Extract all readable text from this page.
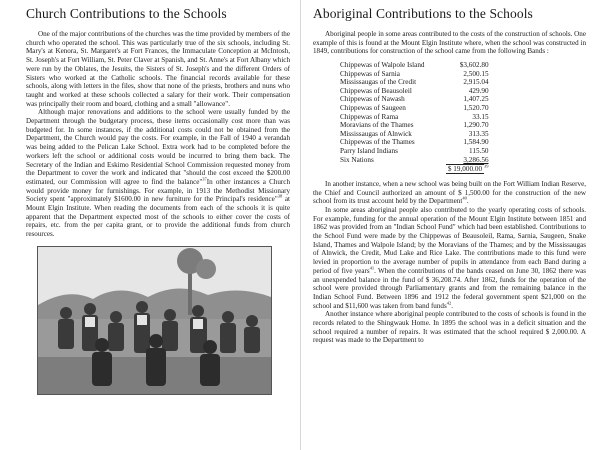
Church Contributions to the Schools

One of the major contributions of the churches was the time provided by members of the church who operated the school. This was particularly true of the six schools, including St. Mary's at Kenora, St. Margaret's at Fort Frances, the Immaculate Conception at McIntosh, St. Joseph's at Fort William, St. Peter Claver at Spanish, and St. Anne's at Fort Albany which were run by the Oblates, the Jesuits, the Sisters of St. Joseph's and the different Orders of Sisters who worked at the Catholic schools. The financial records available for these schools, along with letters in the files, show that none of the priests, brothers and nuns who taught and worked at these schools collected a salary for their work. Their compensation was principally their room and board, clothing and a small "allowance".

Although major renovations and additions to the school were usually funded by the Department through the budgetary process, these items occasionally cost more than was budgeted for. In some instances, if the additional costs could not be obtained from the Department, the Church would pay the costs. For example, in the Fall of 1940 a verandah was being added to the Pelican Lake School. Extra work had to be completed before the workers left the school or additional costs would be incurred to bring them back. The Secretary of the Indian and Eskimo Residential School Commission requested money from the Department to cover the work and indicated that "should the cost exceed the $200.00 estimated, our Commission will agree to find the balance"$^{37}$In other instances a Church would provide money for furnishings. For example, in 1913 the Methodist Missionary Society spent "approximately $1600.00 in new furniture for the Principal's residence"$^{38}$ at Mount Elgin Institute. When reading the documents from each of the schools it is quite apparent that the Department expected most of the schools to either cover the costs of repairs, etc. from the per capita grant, or to provide the additional funds from church resources.

Aboriginal Contributions to the Schools

Aboriginal people in some areas contributed to the costs of the construction of schools. One example of this is found at the Mount Elgin Institute where, when the school was constructed in 1849, contributions for construction of the school came from the following Bands :

Chippewas of Walpole Island	$3,602.80
Chippewas of Sarnia	2,500.15
Mississaugas of the Credit	2,915.04
Chippewas of Beausoleil	429.90
Chippewas of Nawash	1,407.25
Chippewas of Saugeen	1,520.70
Chippewas of Rama	33.15
Moravians of the Thames	1,290.70
Mississaugas of Alnwick	313.35
Chippewas of the Thames	1,584.90
Parry Island Indians	115.50
Six Nations	3,286.56
	$ 19,000.00 $^{39}$

In another instance, when a new school was being built on the Fort William Indian Reserve, the Chief and Council authorized an amount of $ 1,500.00 for the construction of the new school from its trust account held by the Department$^{40}$.

In some areas aboriginal people also contributed to the yearly operating costs of schools. For example, funding for the annual operation of the Mount Elgin Institute between 1851 and 1862 was provided from an "Indian School Fund" which had been established. Contributions to the School Fund were made by the Chippewas of Beausoleil, Rama, Sarnia, Saugeen, Snake Island, Thames and Walpole Island; by the Moravians of the Thames; and by the Mississaugas of Alnwick, the Credit, Mud Lake and Rice Lake. The contributions made to this fund were levied in proportion to the average number of pupils in attendance from each Band during a period of five years$^{41}$. When the contributions of the bands ceased on June 30, 1862 there was an unexpended balance in the fund of $ 36,208.74. After 1862, funds for the operation of the school were provided through Parliamentary grants and from the remaining balance in the Indian School Fund. Between 1896 and 1912 the federal government spent $21,000 on the school and $11,600 was taken from band funds$^{42}$.

Another instance where aboriginal people contributed to the costs of schools is found in the records related to the Shingwauk Home. In 1895 the school was in a deficit situation and the school required a number of repairs. It was estimated that the school required $ 2,000.00. A request was made to the Department to
